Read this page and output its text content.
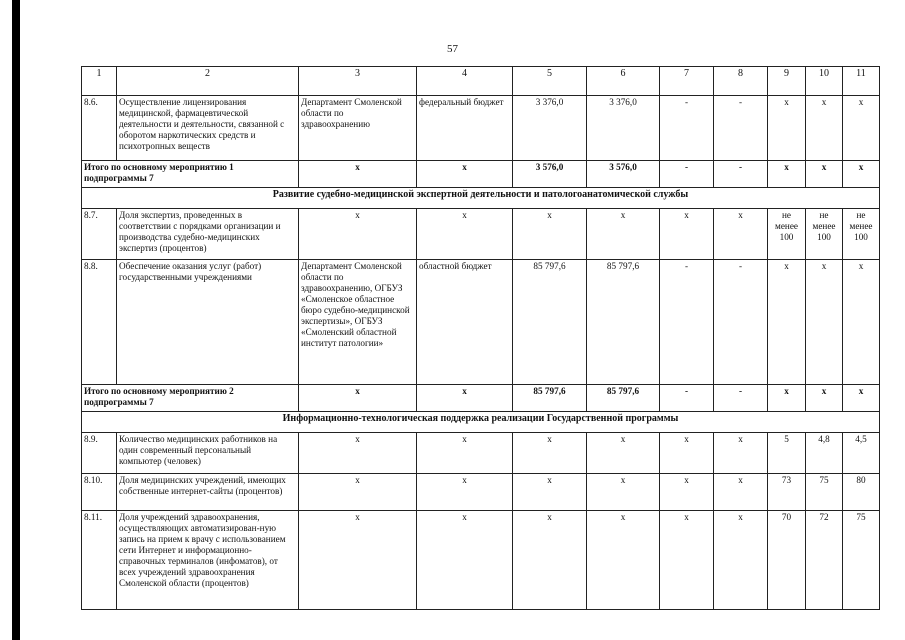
57
1	2	3	4	5	6	7	8	9	10	11
8.6.	Осуществление лицензирования медицинской, фармацевтической деятельности и деятельности, связанной с оборотом наркотических средств и психотропных веществ	Департамент Смоленской области по здравоохранению	федеральный бюджет	3 376,0	3 376,0	-	-	х	х	х
Итого по основному мероприятию 1 подпрограммы 7		х	х	3 576,0	3 576,0	-	-	х	х	х
Развитие судебно-медицинской экспертной деятельности и патологоанатомической службы										
8.7.	Доля экспертиз, проведенных в соответствии с порядками организации и производства судебно-медицинских экспертиз (процентов)	х	х	х	х	х	х	не менее 100	не менее 100	не менее 100
8.8.	Обеспечение оказания услуг (работ) государственными учреждениями	Департамент Смоленской области по здравоохранению, ОГБУЗ «Смоленское областное бюро судебно-медицинской экспертизы», ОГБУЗ «Смоленский областной институт патологии»	областной бюджет	85 797,6	85 797,6	-	-	х	х	х
Итого по основному мероприятию 2 подпрограммы 7		х	х	85 797,6	85 797,6	-	-	х	х	х
Информационно-технологическая поддержка реализации Государственной программы										
8.9.	Количество медицинских работников на один современный персональный компьютер (человек)	х	х	х	х	х	х	5	4,8	4,5
8.10.	Доля медицинских учреждений, имеющих собственные интернет-сайты (процентов)	х	х	х	х	х	х	73	75	80
8.11.	Доля учреждений здравоохранения, осуществляющих автоматизирован-ную запись на прием к врачу с использованием сети Интернет и информационно-справочных терминалов (инфоматов), от всех учреждений здравоохранения Смоленской области (процентов)	х	х	х	х	х	х	70	72	75
